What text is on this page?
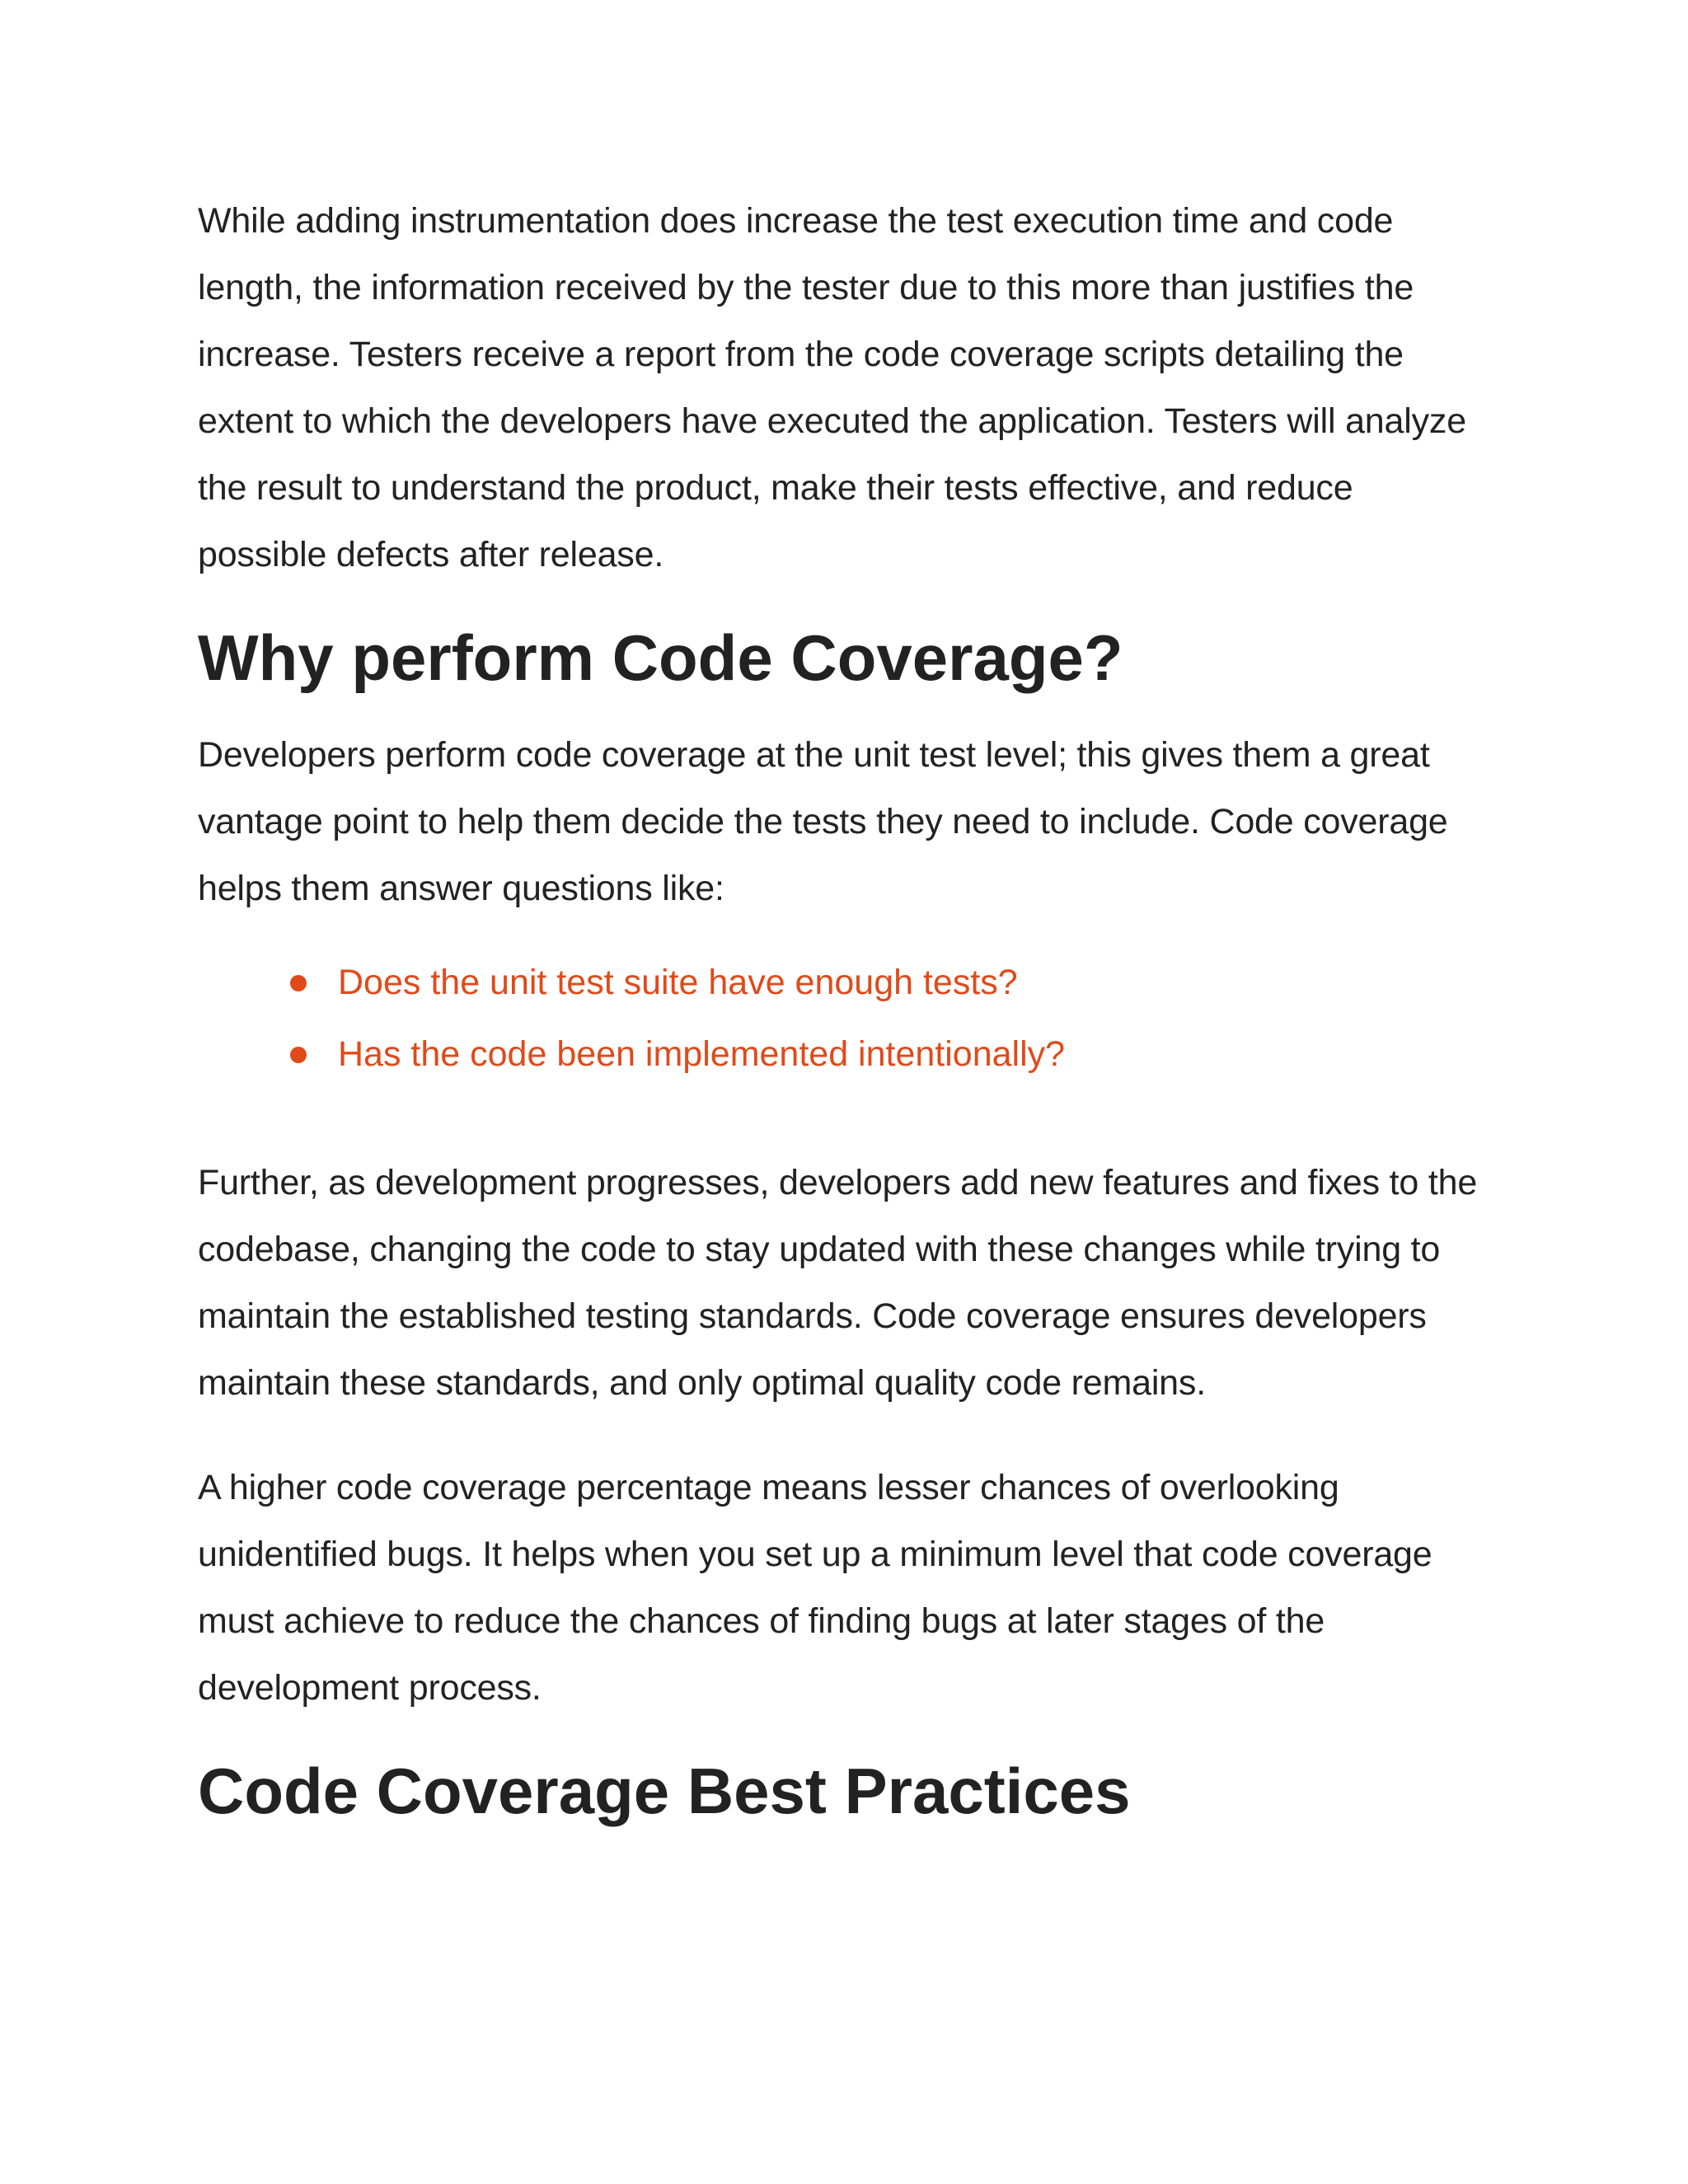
While adding instrumentation does increase the test execution time and code length, the information received by the tester due to this more than justifies the increase. Testers receive a report from the code coverage scripts detailing the extent to which the developers have executed the application. Testers will analyze the result to understand the product, make their tests effective, and reduce possible defects after release.

Why perform Code Coverage?

Developers perform code coverage at the unit test level; this gives them a great vantage point to help them decide the tests they need to include. Code coverage helps them answer questions like:

Does the unit test suite have enough tests?
Has the code been implemented intentionally?

Further, as development progresses, developers add new features and fixes to the codebase, changing the code to stay updated with these changes while trying to maintain the established testing standards. Code coverage ensures developers maintain these standards, and only optimal quality code remains.

A higher code coverage percentage means lesser chances of overlooking unidentified bugs. It helps when you set up a minimum level that code coverage must achieve to reduce the chances of finding bugs at later stages of the development process.

Code Coverage Best Practices
